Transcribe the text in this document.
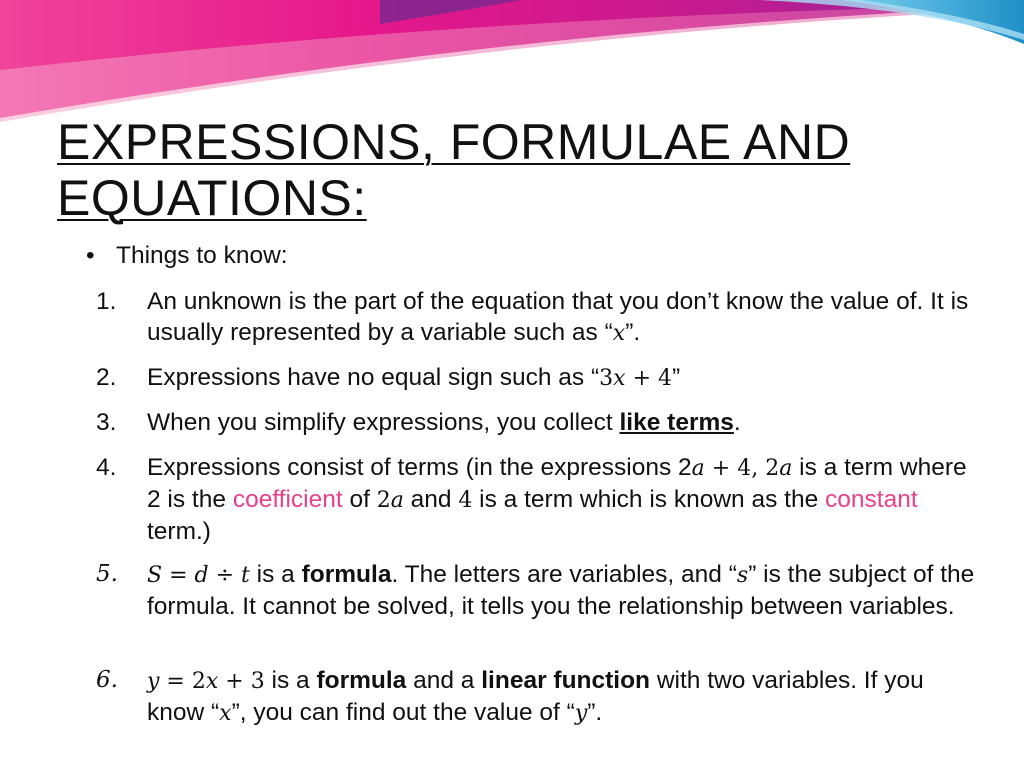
EXPRESSIONS, FORMULAE AND EQUATIONS:
• Things to know:
1.	An unknown is the part of the equation that you don’t know the value of. It is usually represented by a variable such as “x”.
2.	Expressions have no equal sign such as “3x + 4”
3.	When you simplify expressions, you collect like terms.
4.	Expressions consist of terms (in the expressions 2a + 4, 2a is a term where 2 is the coefficient of 2a and 4 is a term which is known as the constant term.)
5.	S = d ÷ t is a formula. The letters are variables, and “s” is the subject of the formula. It cannot be solved, it tells you the relationship between variables.
6.	y = 2x + 3 is a formula and a linear function with two variables. If you know “x”, you can find out the value of “y”.
